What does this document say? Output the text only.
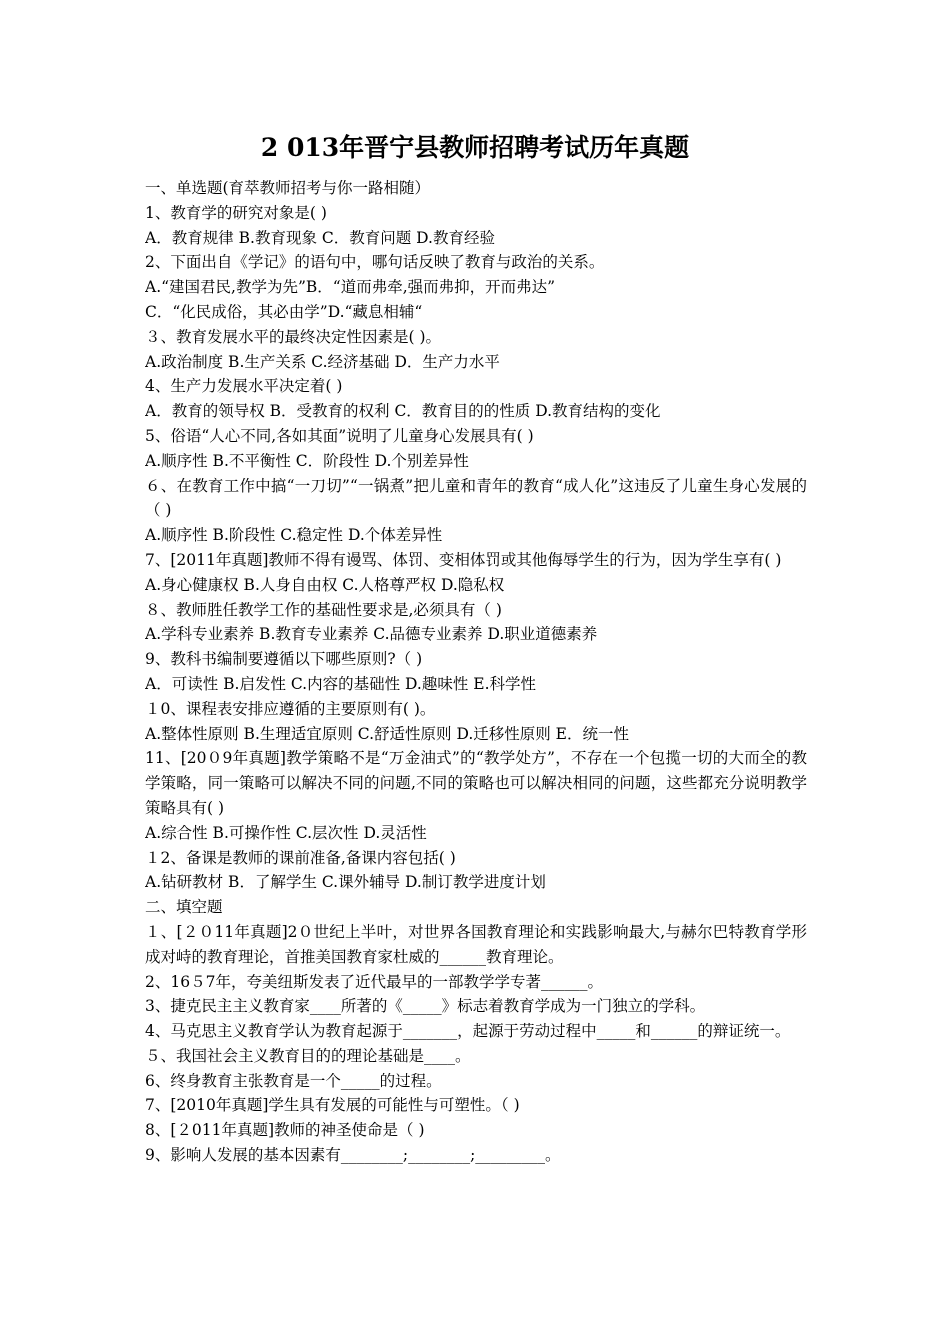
2 013年晋宁县教师招聘考试历年真题
一、单选题(育萃教师招考与你一路相随）
1、教育学的研究对象是( )
A．教育规律 B.教育现象 C．教育问题 D.教育经验
2、下面出自《学记》的语句中，哪句话反映了教育与政治的关系。
A.“建国君民,教学为先”B．“道而弗牵,强而弗抑，开而弗达”
C．“化民成俗，其必由学”D.“藏息相辅“
３、教育发展水平的最终决定性因素是( )。
A.政治制度 B.生产关系 C.经济基础 D．生产力水平
4、生产力发展水平决定着( )
A．教育的领导权 B．受教育的权利 C．教育目的的性质 D.教育结构的变化
5、俗语“人心不同,各如其面”说明了儿童身心发展具有( )
A.顺序性 B.不平衡性 C．阶段性 D.个别差异性
６、在教育工作中搞“一刀切”“一锅煮”把儿童和青年的教育“成人化”这违反了儿童生身心发展的（ )
A.顺序性 B.阶段性 C.稳定性 D.个体差异性
7、[2011年真题]教师不得有谩骂、体罚、变相体罚或其他侮辱学生的行为，因为学生享有( )
A.身心健康权 B.人身自由权 C.人格尊严权 D.隐私权
８、教师胜任教学工作的基础性要求是,必须具有（ )
A.学科专业素养 B.教育专业素养 C.品德专业素养 D.职业道德素养
9、教科书编制要遵循以下哪些原则?（ )
A．可读性 B.启发性 C.内容的基础性 D.趣味性 E.科学性
１0、课程表安排应遵循的主要原则有( )。
A.整体性原则 B.生理适宜原则 C.舒适性原则 D.迁移性原则 E．统一性
11、[20０9年真题]教学策略不是“万金油式”的“教学处方”，不存在一个包揽一切的大而全的教学策略，同一策略可以解决不同的问题,不同的策略也可以解决相同的问题，这些都充分说明教学策略具有( )
A.综合性 B.可操作性 C.层次性 D.灵活性
１2、备课是教师的课前准备,备课内容包括( )
A.钻研教材 B．了解学生 C.课外辅导 D.制订教学进度计划
二、填空题
１、[２０11年真题]2０世纪上半叶，对世界各国教育理论和实践影响最大,与赫尔巴特教育学形成对峙的教育理论，首推美国教育家杜威的______教育理论。
2、16５7年，夸美纽斯发表了近代最早的一部教学学专著______。
3、捷克民主主义教育家____所著的《_____》标志着教育学成为一门独立的学科。
4、马克思主义教育学认为教育起源于_______，起源于劳动过程中_____和______的辩证统一。
５、我国社会主义教育目的的理论基础是____。
6、终身教育主张教育是一个_____的过程。
7、[2010年真题]学生具有发展的可能性与可塑性。（ )
8、[２011年真题]教师的神圣使命是（ )
9、影响人发展的基本因素有________;________;_________。
